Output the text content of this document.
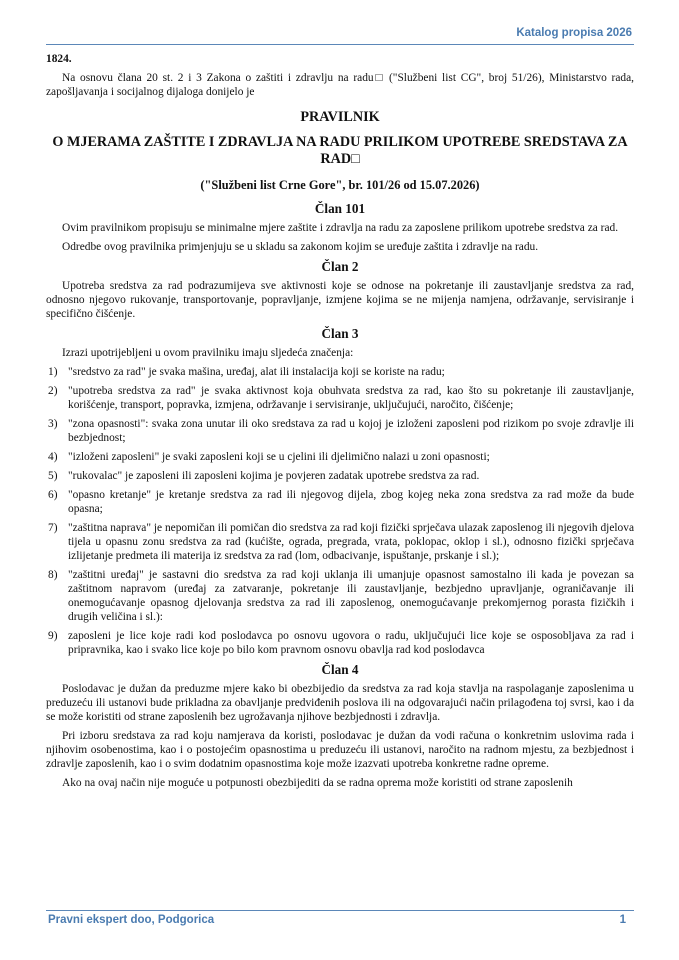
Katalog propisa 2026
1824.

Na osnovu člana 20 st. 2 i 3 Zakona o zaštiti i zdravlju na radu□ ("Službeni list CG", broj 51/26), Ministarstvo rada, zapošljavanja i socijalnog dijaloga donijelo je

PRAVILNIK
O MJERAMA ZAŠTITE I ZDRAVLJA NA RADU PRILIKOM UPOTREBE SREDSTAVA ZA RAD□
("Službeni list Crne Gore", br. 101/26 od 15.07.2026)
Član 101

Ovim pravilnikom propisuju se minimalne mjere zaštite i zdravlja na radu za zaposlene prilikom upotrebe sredstva za rad.

Odredbe ovog pravilnika primjenjuju se u skladu sa zakonom kojim se uređuje zaštita i zdravlje na radu.

Član 2

Upotreba sredstva za rad podrazumijeva sve aktivnosti koje se odnose na pokretanje ili zaustavljanje sredstva za rad, odnosno njegovo rukovanje, transportovanje, popravljanje, izmjene kojima se ne mijenja namjena, održavanje, servisiranje i specifično čišćenje.

Član 3

Izrazi upotrijebljeni u ovom pravilniku imaju sljedeća značenja:

1) "sredstvo za rad" je svaka mašina, uređaj, alat ili instalacija koji se koriste na radu;
2) "upotreba sredstva za rad" je svaka aktivnost koja obuhvata sredstva za rad, kao što su pokretanje ili zaustavljanje, korišćenje, transport, popravka, izmjena, održavanje i servisiranje, uključujući, naročito, čišćenje;
3) "zona opasnosti": svaka zona unutar ili oko sredstava za rad u kojoj je izloženi zaposleni pod rizikom po svoje zdravlje ili bezbjednost;
4) "izloženi zaposleni" je svaki zaposleni koji se u cjelini ili djelimično nalazi u zoni opasnosti;
5) "rukovalac" je zaposleni ili zaposleni kojima je povjeren zadatak upotrebe sredstva za rad.
6) "opasno kretanje" je kretanje sredstva za rad ili njegovog dijela, zbog kojeg neka zona sredstva za rad može da bude opasna;
7) "zaštitna naprava" je nepomičan ili pomičan dio sredstva za rad koji fizički sprječava ulazak zaposlenog ili njegovih djelova tijela u opasnu zonu sredstva za rad (kućište, ograda, pregrada, vrata, poklopac, oklop i sl.), odnosno fizički sprječava izlijetanje predmeta ili materija iz sredstva za rad (lom, odbacivanje, ispuštanje, prskanje i sl.);
8) "zaštitni uređaj" je sastavni dio sredstva za rad koji uklanja ili umanjuje opasnost samostalno ili kada je povezan sa zaštitnom napravom (uređaj za zatvaranje, pokretanje ili zaustavljanje, bezbjedno upravljanje, ograničavanje ili onemogućavanje opasnog djelovanja sredstva za rad ili zaposlenog, onemogućavanje prekomjernog porasta fizičkih i drugih veličina i sl.):
9) zaposleni je lice koje radi kod poslodavca po osnovu ugovora o radu, uključujući lice koje se osposoblјava za rad i pripravnika, kao i svako lice koje po bilo kom pravnom osnovu obavlja rad kod poslodavca
Član 4

Poslodavac je dužan da preduzme mjere kako bi obezbijedio da sredstva za rad koja stavlja na raspolaganje zaposlenima u preduzeću ili ustanovi bude prikladna za obavljanje predviđenih poslova ili na odgovarajući način prilagođena toj svrsi, kao i da se može koristiti od strane zaposlenih bez ugrožavanja njihove bezbjednosti i zdravlja.

Pri izboru sredstava za rad koju namjerava da koristi, poslodavac je dužan da vodi računa o konkretnim uslovima rada i njihovim osobenostima, kao i o postojećim opasnostima u preduzeću ili ustanovi, naročito na radnom mjestu, za bezbjednost i zdravlje zaposlenih, kao i o svim dodatnim opasnostima koje može izazvati upotreba konkretne radne opreme.

Ako na ovaj način nije moguće u potpunosti obezbijediti da se radna oprema može koristiti od strane zaposlenih

Pravni ekspert doo, Podgorica	1
